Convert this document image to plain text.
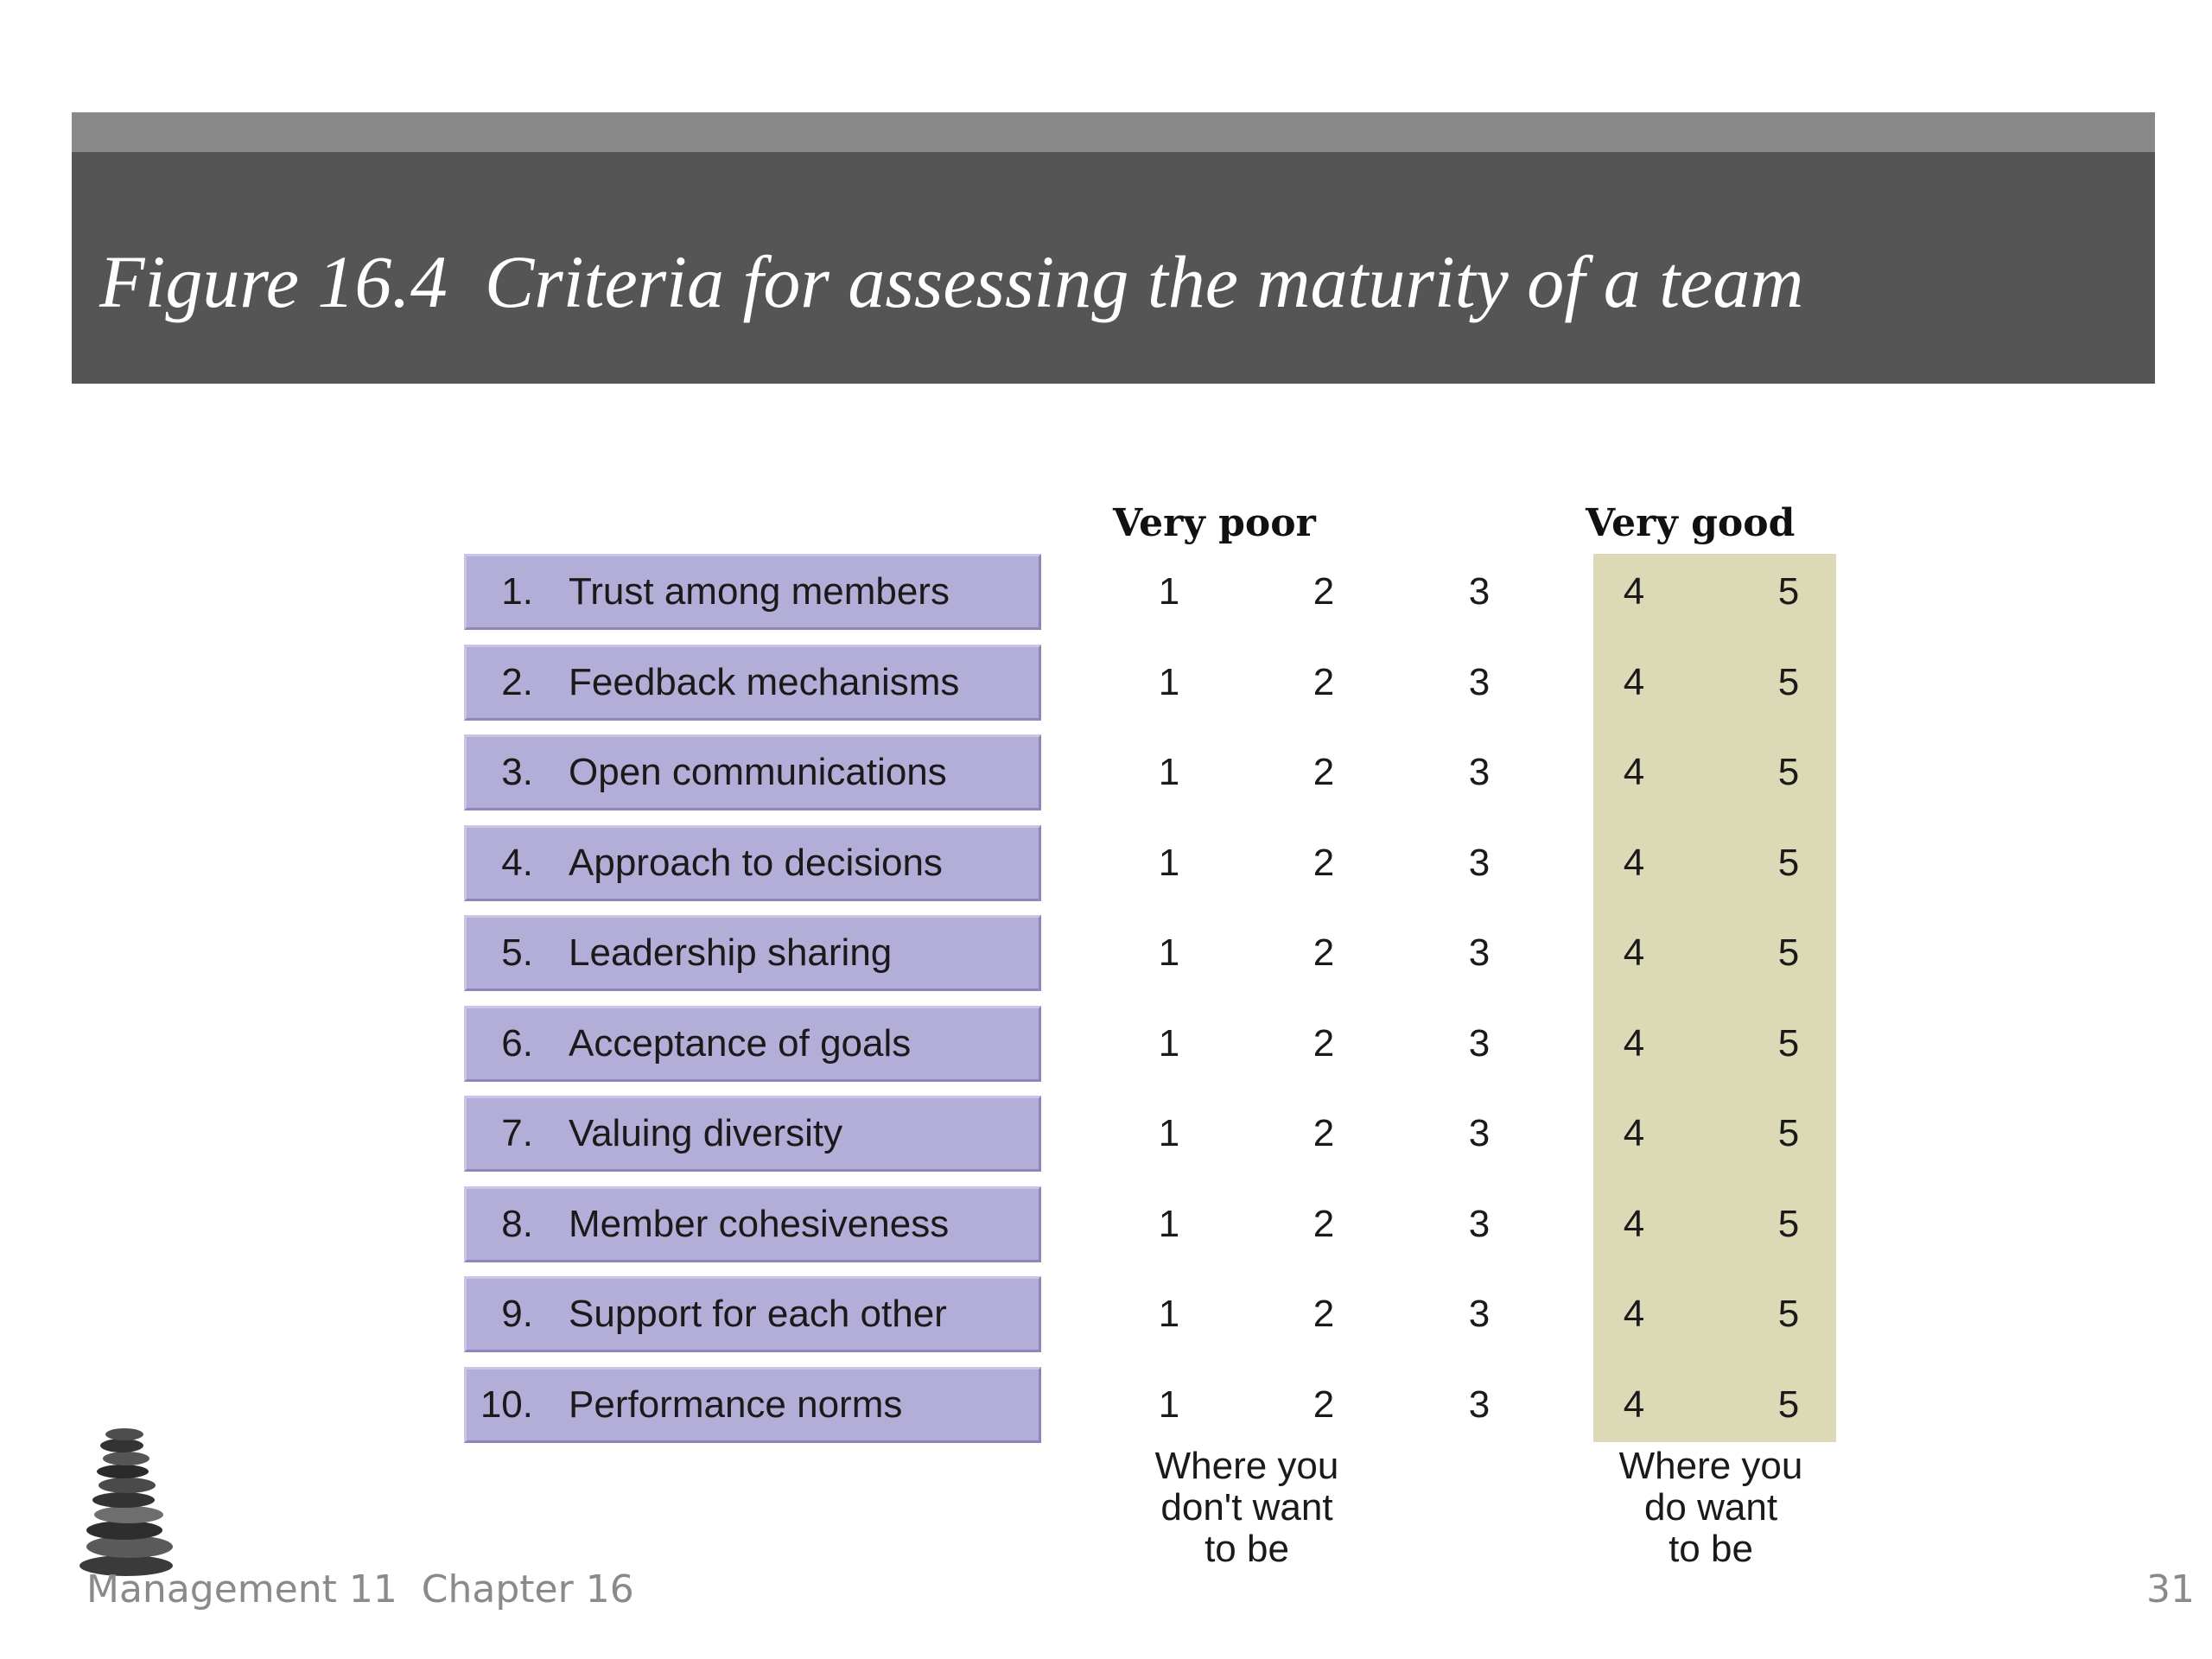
Figure 16.4  Criteria for assessing the maturity of a team
Very poor	Very good
1. Trust among members	1	2	3	4	5
2. Feedback mechanisms	1	2	3	4	5
3. Open communications	1	2	3	4	5
4. Approach to decisions	1	2	3	4	5
5. Leadership sharing	1	2	3	4	5
6. Acceptance of goals	1	2	3	4	5
7. Valuing diversity	1	2	3	4	5
8. Member cohesiveness	1	2	3	4	5
9. Support for each other	1	2	3	4	5
10. Performance norms	1	2	3	4	5
Where you
don't want
to be
Where you
do want
to be
Management 11  Chapter 16	31
